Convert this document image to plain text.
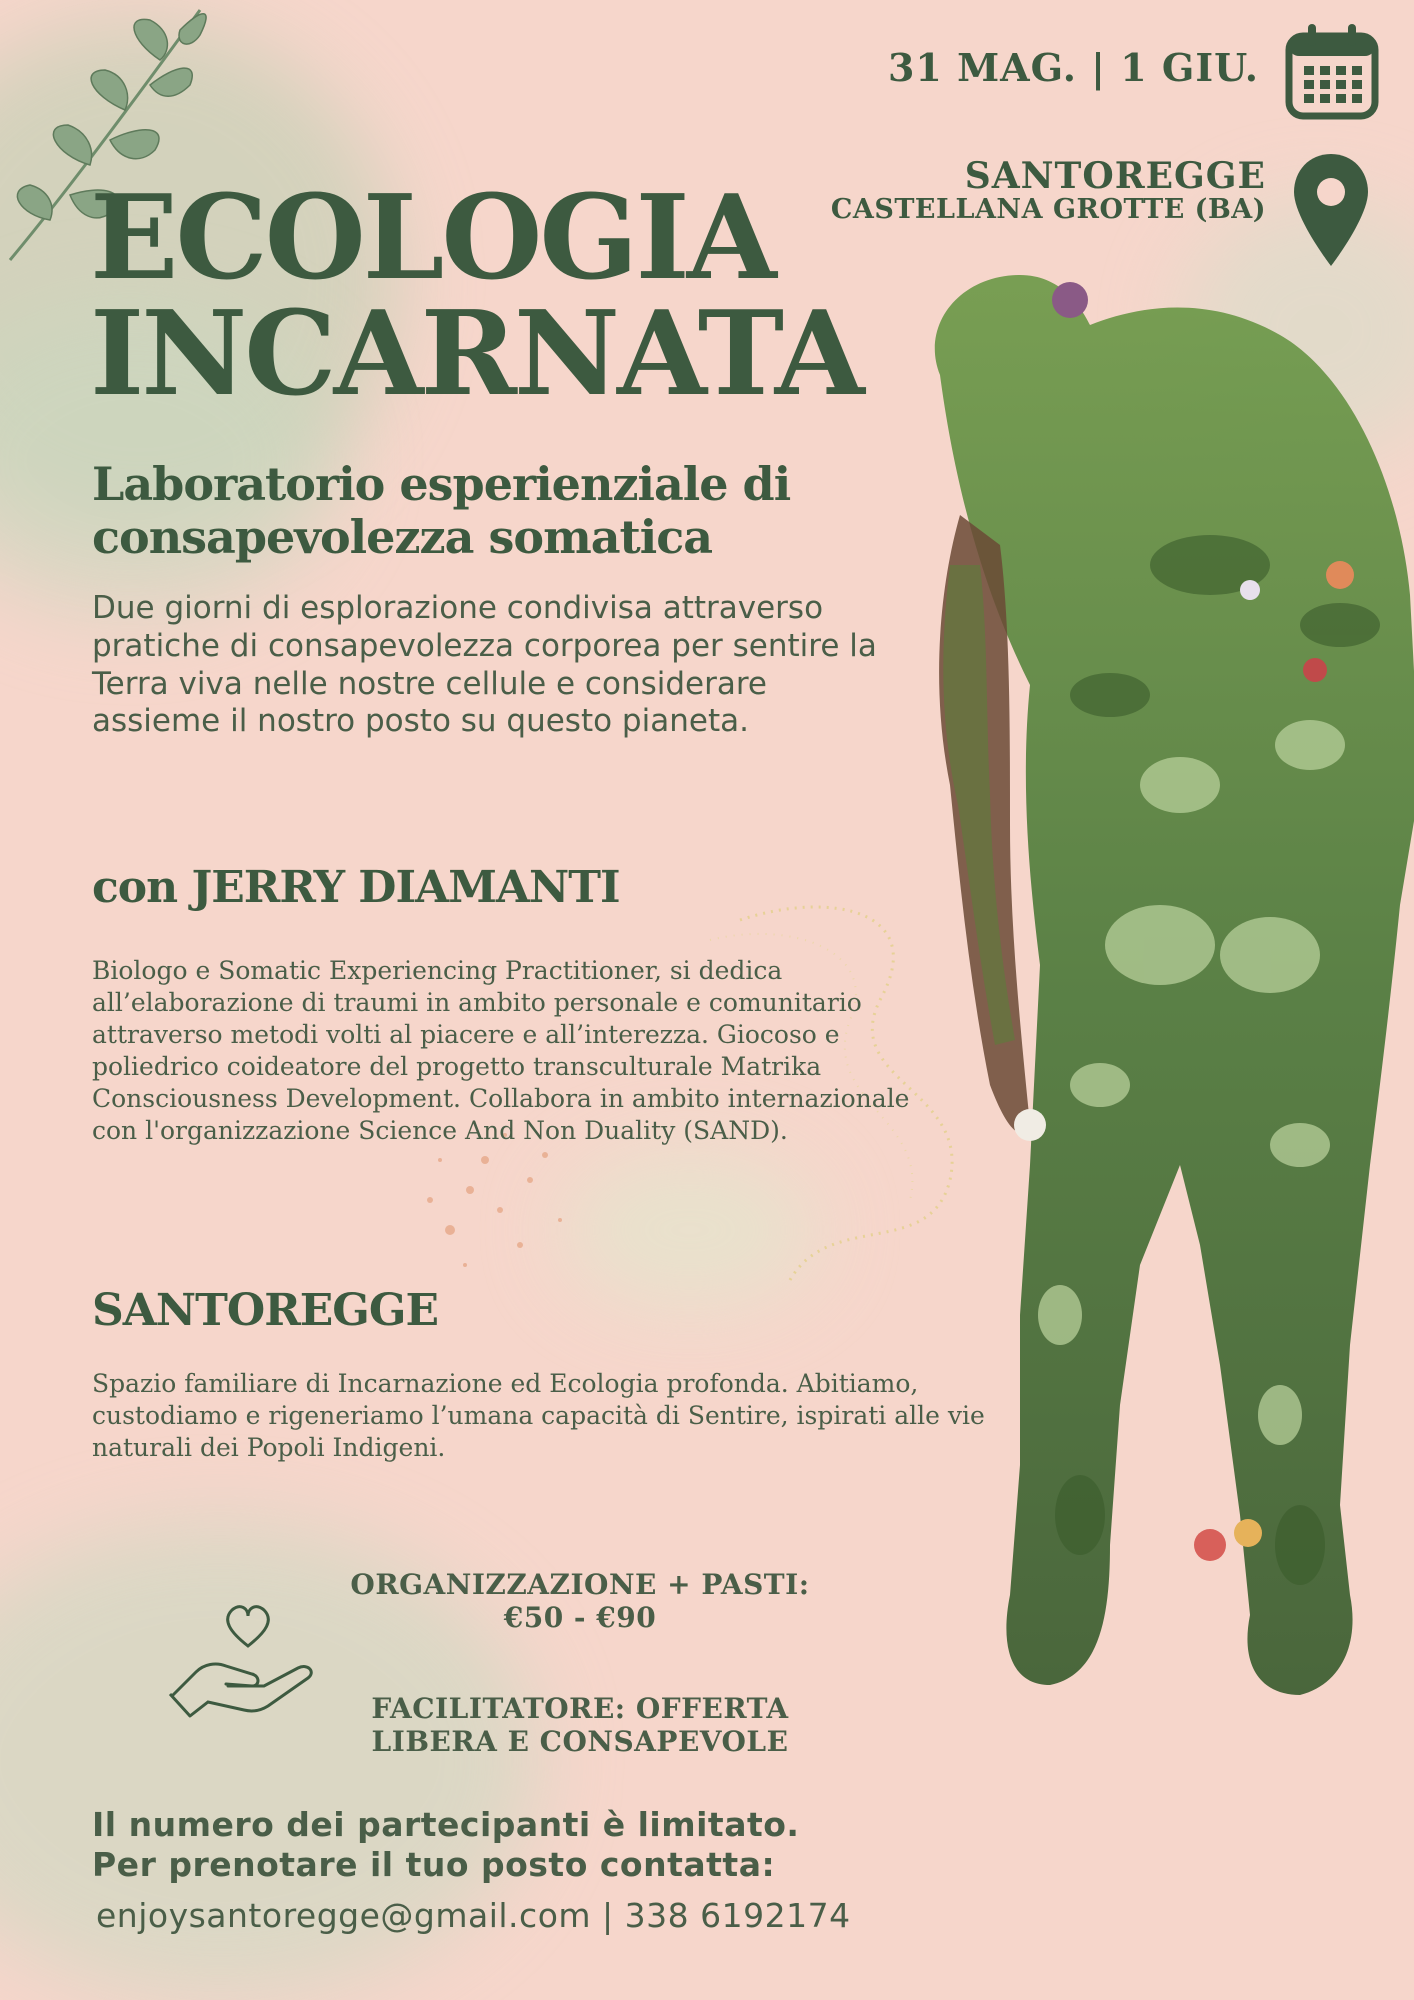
31 MAG. | 1 GIU.
SANTOREGGE
CASTELLANA GROTTE (BA)
ECOLOGIA
INCARNATA
Laboratorio esperienziale di
consapevolezza somatica

Due giorni di esplorazione condivisa attraverso pratiche di consapevolezza corporea per sentire la Terra viva nelle nostre cellule e considerare assieme il nostro posto su questo pianeta.

con JERRY DIAMANTI

Biologo e Somatic Experiencing Practitioner, si dedica all’elaborazione di traumi in ambito personale e comunitario attraverso metodi volti al piacere e all’interezza. Giocoso e poliedrico coideatore del progetto transculturale Matrika Consciousness Development. Collabora in ambito internazionale con l'organizzazione Science And Non Duality (SAND).

SANTOREGGE

Spazio familiare di Incarnazione ed Ecologia profonda. Abitiamo, custodiamo e rigeneriamo l’umana capacità di Sentire, ispirati alle vie naturali dei Popoli Indigeni.

ORGANIZZAZIONE + PASTI:
€50 - €90
FACILITATORE: OFFERTA
LIBERA E CONSAPEVOLE
Il numero dei partecipanti è limitato.
Per prenotare il tuo posto contatta:
enjoysantoregge@gmail.com | 338 6192174
